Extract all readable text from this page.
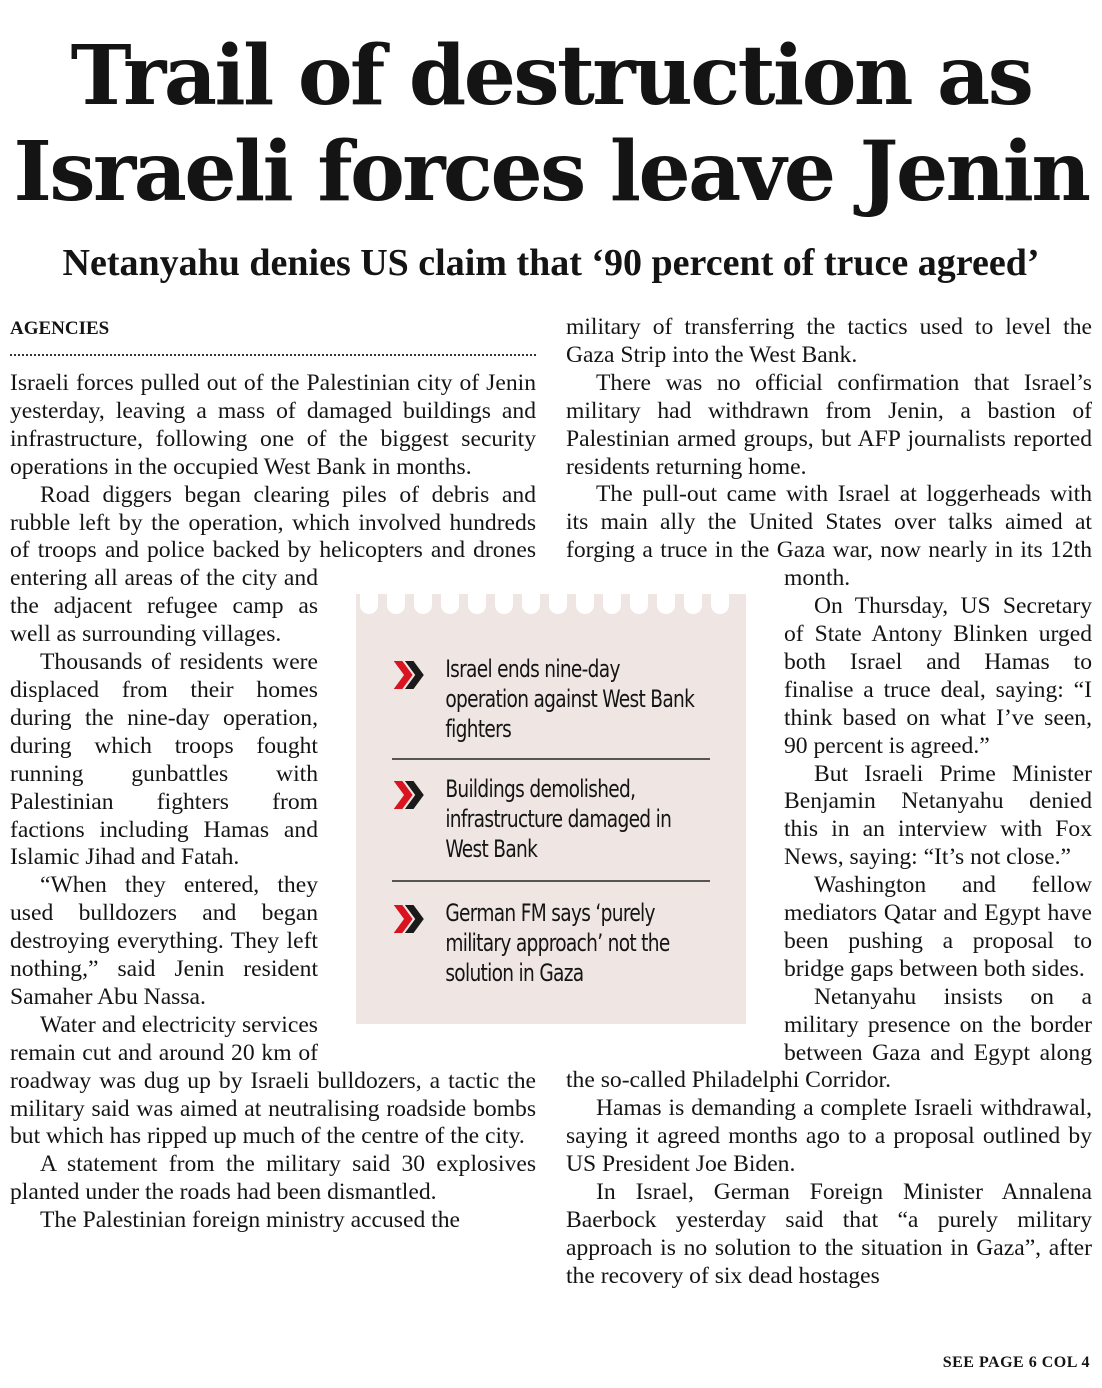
Trail of destruction as
Israeli forces leave Jenin
Netanyahu denies US claim that ‘90 percent of truce agreed’
AGENCIES

Israeli forces pulled out of the Palestinian city of Jenin yesterday, leaving a mass of damaged buildings and infrastructure, following one of the biggest security operations in the occupied West Bank in months.

Road diggers began clearing piles of debris and rubble left by the operation, which involved hundreds of troops and police backed by helicopters and drones entering all areas of the city and the adjacent refugee camp as well as surrounding villages.

Thousands of residents were displaced from their homes during the nine-day operation, during which troops fought running gunbattles with Palestinian fighters from factions including Hamas and Islamic Jihad and Fatah.

“When they entered, they used bulldozers and began destroying everything. They left nothing,” said Jenin resident Samaher Abu Nassa.

Water and electricity services remain cut and around 20 km of roadway was dug up by Israeli bulldozers, a tactic the military said was aimed at neutralising roadside bombs but which has ripped up much of the centre of the city.

A statement from the military said 30 explosives planted under the roads had been dismantled.

The Palestinian foreign ministry accused the

military of transferring the tactics used to level the Gaza Strip into the West Bank.

There was no official confirmation that Israel’s military had withdrawn from Jenin, a bastion of Palestinian armed groups, but AFP journalists reported residents returning home.

The pull-out came with Israel at loggerheads with its main ally the United States over talks aimed at forging a truce in the Gaza war, now nearly in its 12th month.

On Thursday, US Secretary of State Antony Blinken urged both Israel and Hamas to finalise a truce deal, saying: “I think based on what I’ve seen, 90 percent is agreed.”

But Israeli Prime Minister Benjamin Netanyahu denied this in an interview with Fox News, saying: “It’s not close.”

Washington and fellow mediators Qatar and Egypt have been pushing a proposal to bridge gaps between both sides.

Netanyahu insists on a military presence on the border between Gaza and Egypt along the so-called Philadelphi Corridor.

Hamas is demanding a complete Israeli withdrawal, saying it agreed months ago to a proposal outlined by US President Joe Biden.

In Israel, German Foreign Minister Annalena Baerbock yesterday said that “a purely military approach is no solution to the situation in Gaza”, after the recovery of six dead hostages

Israel ends nine-day operation against West Bank fighters
Buildings demolished, infrastructure damaged in West Bank
German FM says ‘purely military approach’ not the solution in Gaza
SEE PAGE 6 COL 4
